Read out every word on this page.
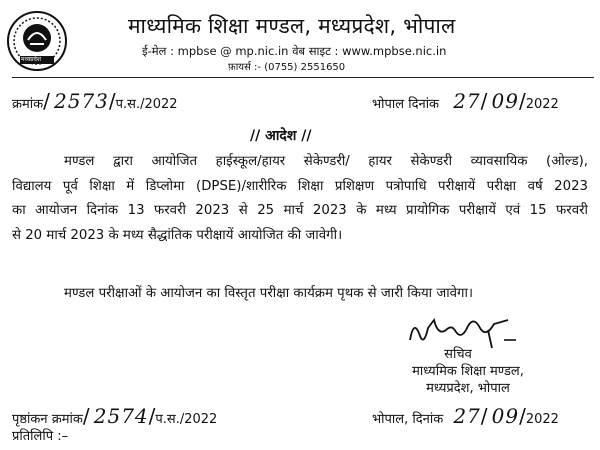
मध्यप्रदेश
माध्यमिक शिक्षा मण्डल, मध्यप्रदेश, भोपाल
ई-मेल : mpbse @ mp.nic.in वेब साइट : www.mpbse.nic.in
फ़ायर्स :- (0755) 2551650
क्रमांक/ 2573/प.स./2022	भोपाल दिनांक 27/ 09/2022
// आदेश //
मण्डल द्वारा आयोजित हाईस्कूल/हायर सेकेण्डरी/ हायर सेकेण्डरी व्यावसायिक (ओल्ड),
विद्यालय पूर्व शिक्षा में डिप्लोमा (DPSE)/शारीरिक शिक्षा प्रशिक्षण पत्रोपाधि परीक्षायें परीक्षा वर्ष 2023
का आयोजन दिनांक 13 फरवरी 2023 से 25 मार्च 2023 के मध्य प्रायोगिक परीक्षायें एवं 15 फरवरी
से 20 मार्च 2023 के मध्य सैद्धांतिक परीक्षायें आयोजित की जावेगी।
मण्डल परीक्षाओं के आयोजन का विस्तृत परीक्षा कार्यक्रम पृथक से जारी किया जावेगा।
सचिव
माध्यमिक शिक्षा मण्डल,
मध्यप्रदेश, भोपाल
पृष्ठांकन क्रमांक/ 2574/प.स./2022	भोपाल, दिनांक 27/ 09/2022
प्रतिलिपि :–
